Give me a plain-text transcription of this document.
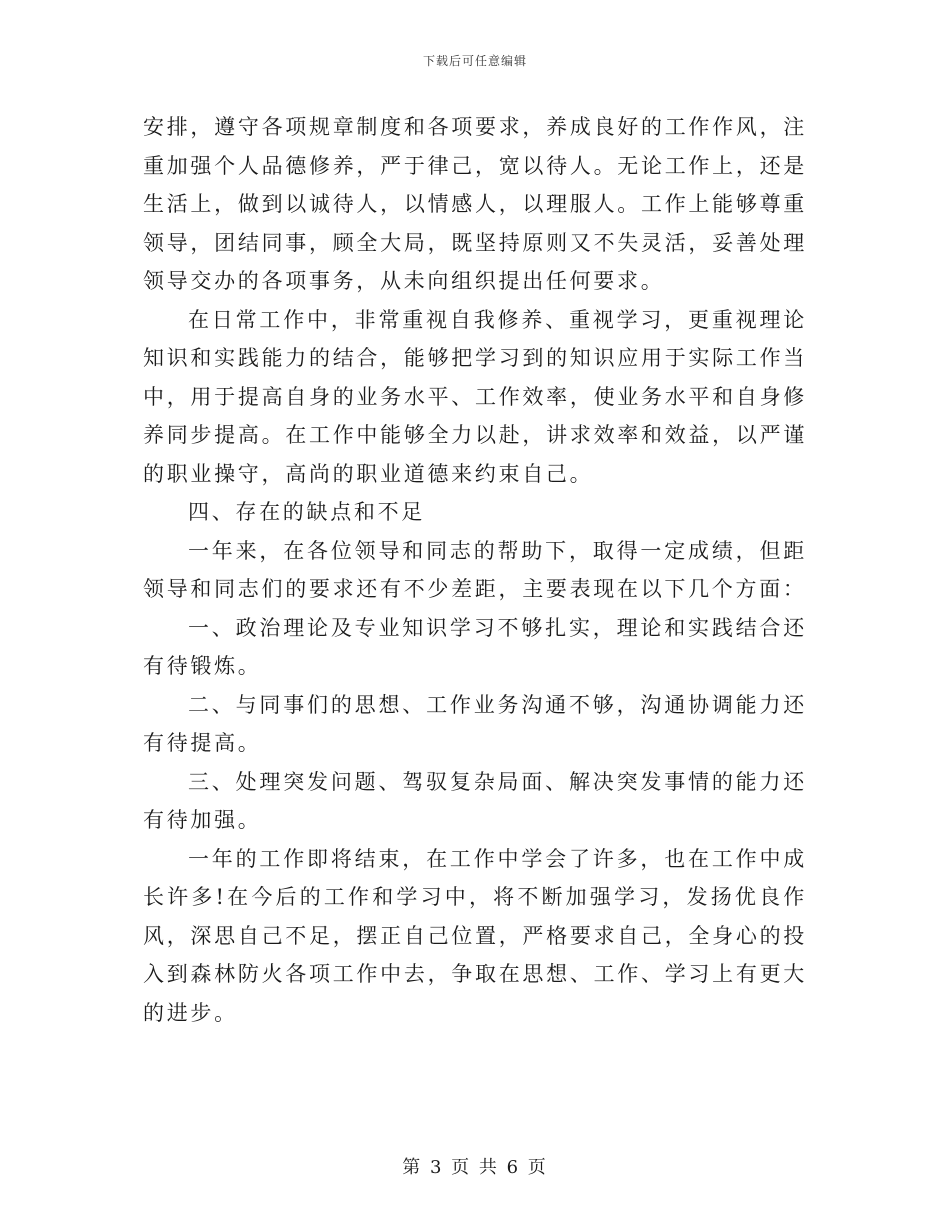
下载后可任意编辑

安排，遵守各项规章制度和各项要求，养成良好的工作作风，注重加强个人品德修养，严于律己，宽以待人。无论工作上，还是生活上，做到以诚待人，以情感人，以理服人。工作上能够尊重领导，团结同事，顾全大局，既坚持原则又不失灵活，妥善处理领导交办的各项事务，从未向组织提出任何要求。

在日常工作中，非常重视自我修养、重视学习，更重视理论知识和实践能力的结合，能够把学习到的知识应用于实际工作当中，用于提高自身的业务水平、工作效率，使业务水平和自身修养同步提高。在工作中能够全力以赴，讲求效率和效益，以严谨的职业操守，高尚的职业道德来约束自己。

四、存在的缺点和不足

一年来，在各位领导和同志的帮助下，取得一定成绩，但距领导和同志们的要求还有不少差距，主要表现在以下几个方面：

一、政治理论及专业知识学习不够扎实，理论和实践结合还有待锻炼。

二、与同事们的思想、工作业务沟通不够，沟通协调能力还有待提高。

三、处理突发问题、驾驭复杂局面、解决突发事情的能力还有待加强。

一年的工作即将结束，在工作中学会了许多，也在工作中成长许多!在今后的工作和学习中，将不断加强学习，发扬优良作风，深思自己不足，摆正自己位置，严格要求自己，全身心的投入到森林防火各项工作中去，争取在思想、工作、学习上有更大的进步。

第 3 页 共 6 页
